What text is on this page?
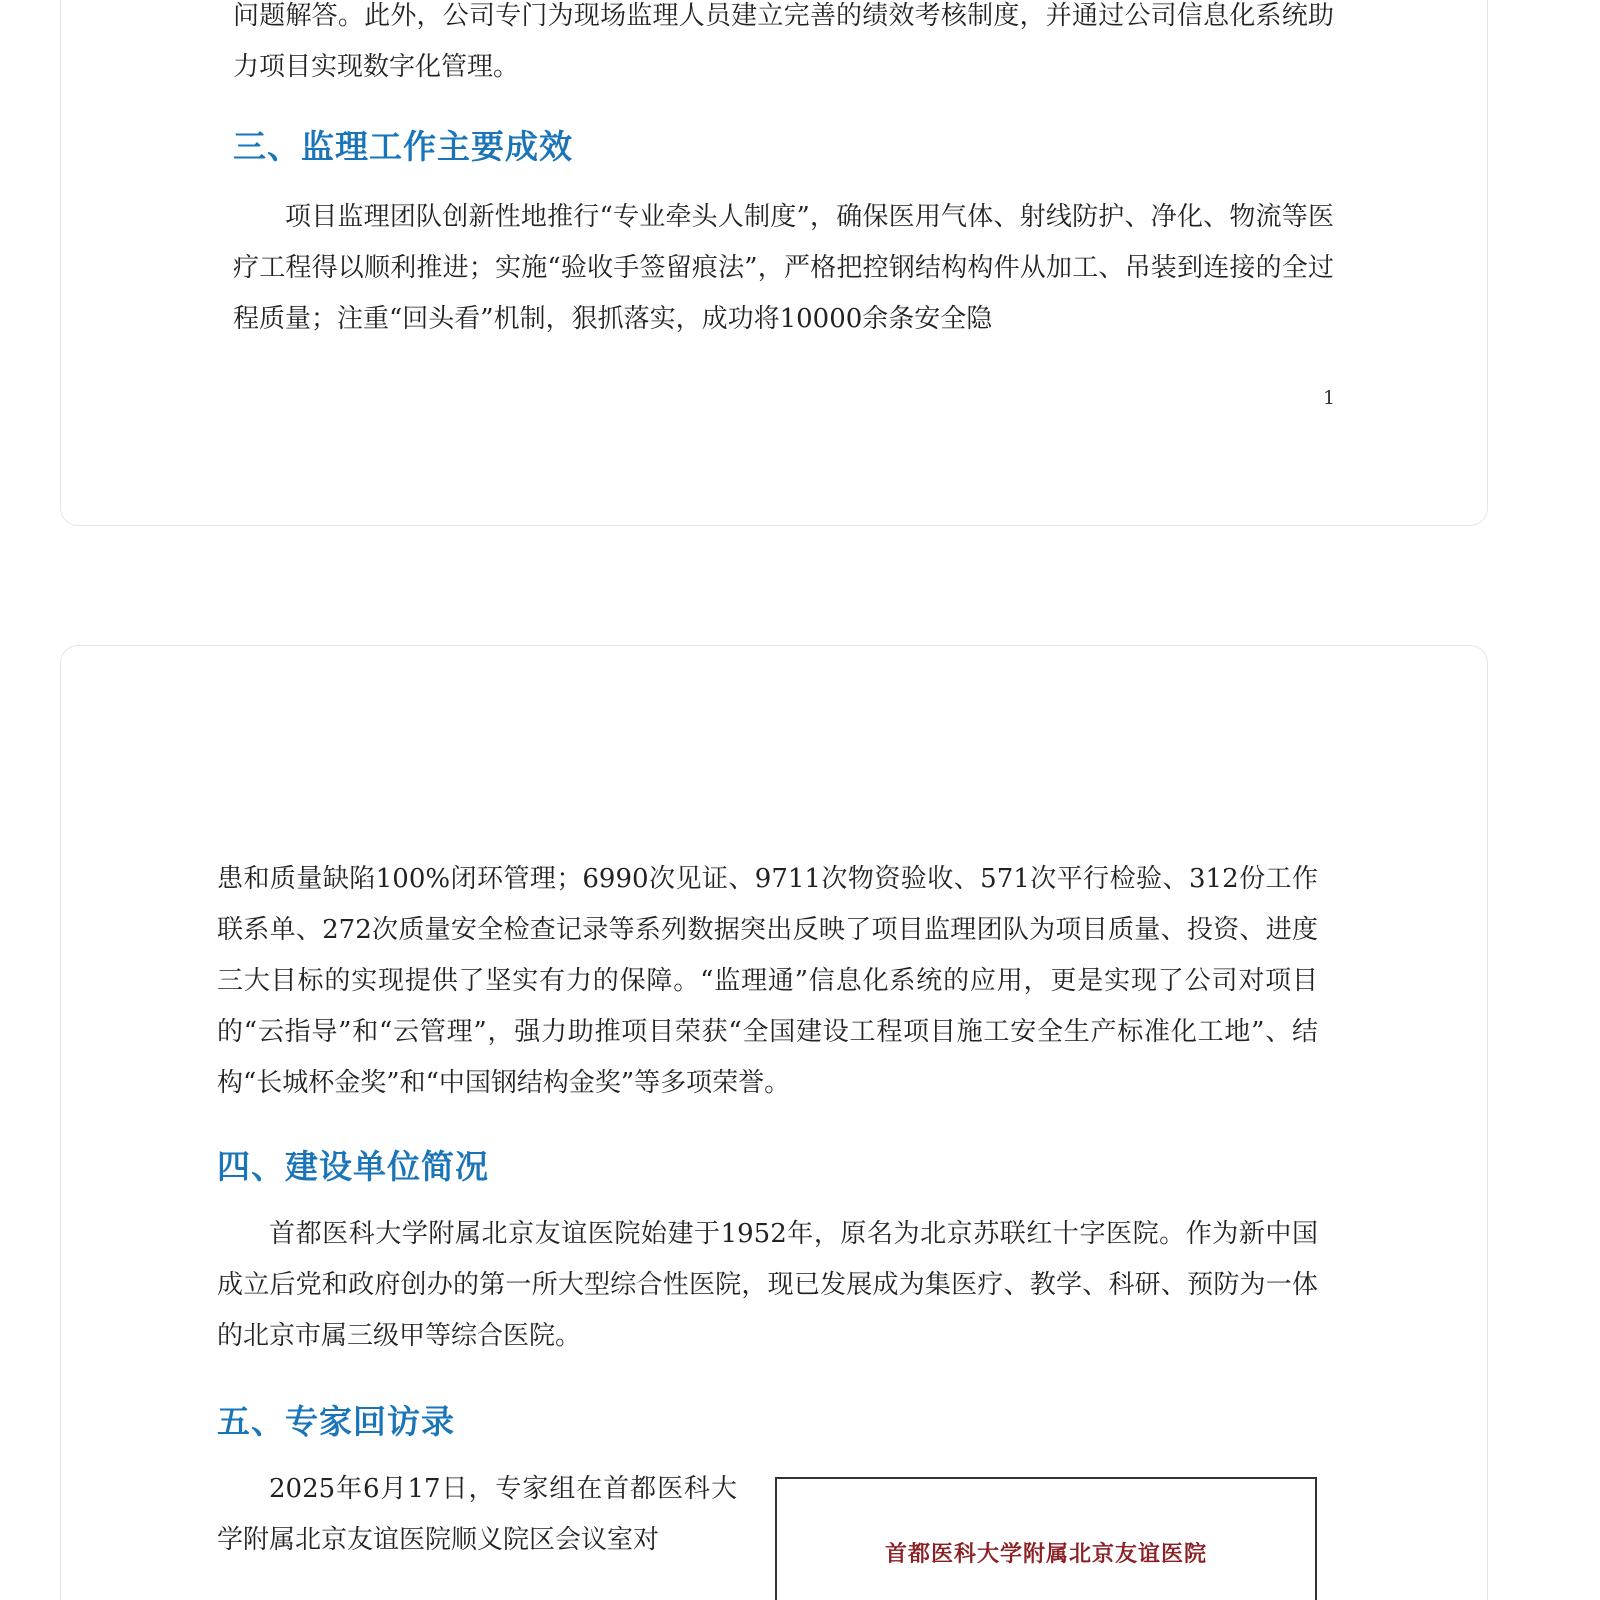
问题解答。此外，公司专门为现场监理人员建立完善的绩效考核制度，并通过公司信息化系统助力项目实现数字化管理。

三、监理工作主要成效

项目监理团队创新性地推行“专业牵头人制度”，确保医用气体、射线防护、净化、物流等医疗工程得以顺利推进；实施“验收手签留痕法”，严格把控钢结构构件从加工、吊装到连接的全过程质量；注重“回头看”机制，狠抓落实，成功将10000余条安全隐

1

患和质量缺陷100%闭环管理；6990次见证、9711次物资验收、571次平行检验、312份工作联系单、272次质量安全检查记录等系列数据突出反映了项目监理团队为项目质量、投资、进度三大目标的实现提供了坚实有力的保障。“监理通”信息化系统的应用，更是实现了公司对项目的“云指导”和“云管理”，强力助推项目荣获“全国建设工程项目施工安全生产标准化工地”、结构“长城杯金奖”和“中国钢结构金奖”等多项荣誉。

四、建设单位简况

首都医科大学附属北京友谊医院始建于1952年，原名为北京苏联红十字医院。作为新中国成立后党和政府创办的第一所大型综合性医院，现已发展成为集医疗、教学、科研、预防为一体的北京市属三级甲等综合医院。

五、专家回访录

2025年6月17日，专家组在首都医科大学附属北京友谊医院顺义院区会议室对	首都医科大学附属北京友谊医院
